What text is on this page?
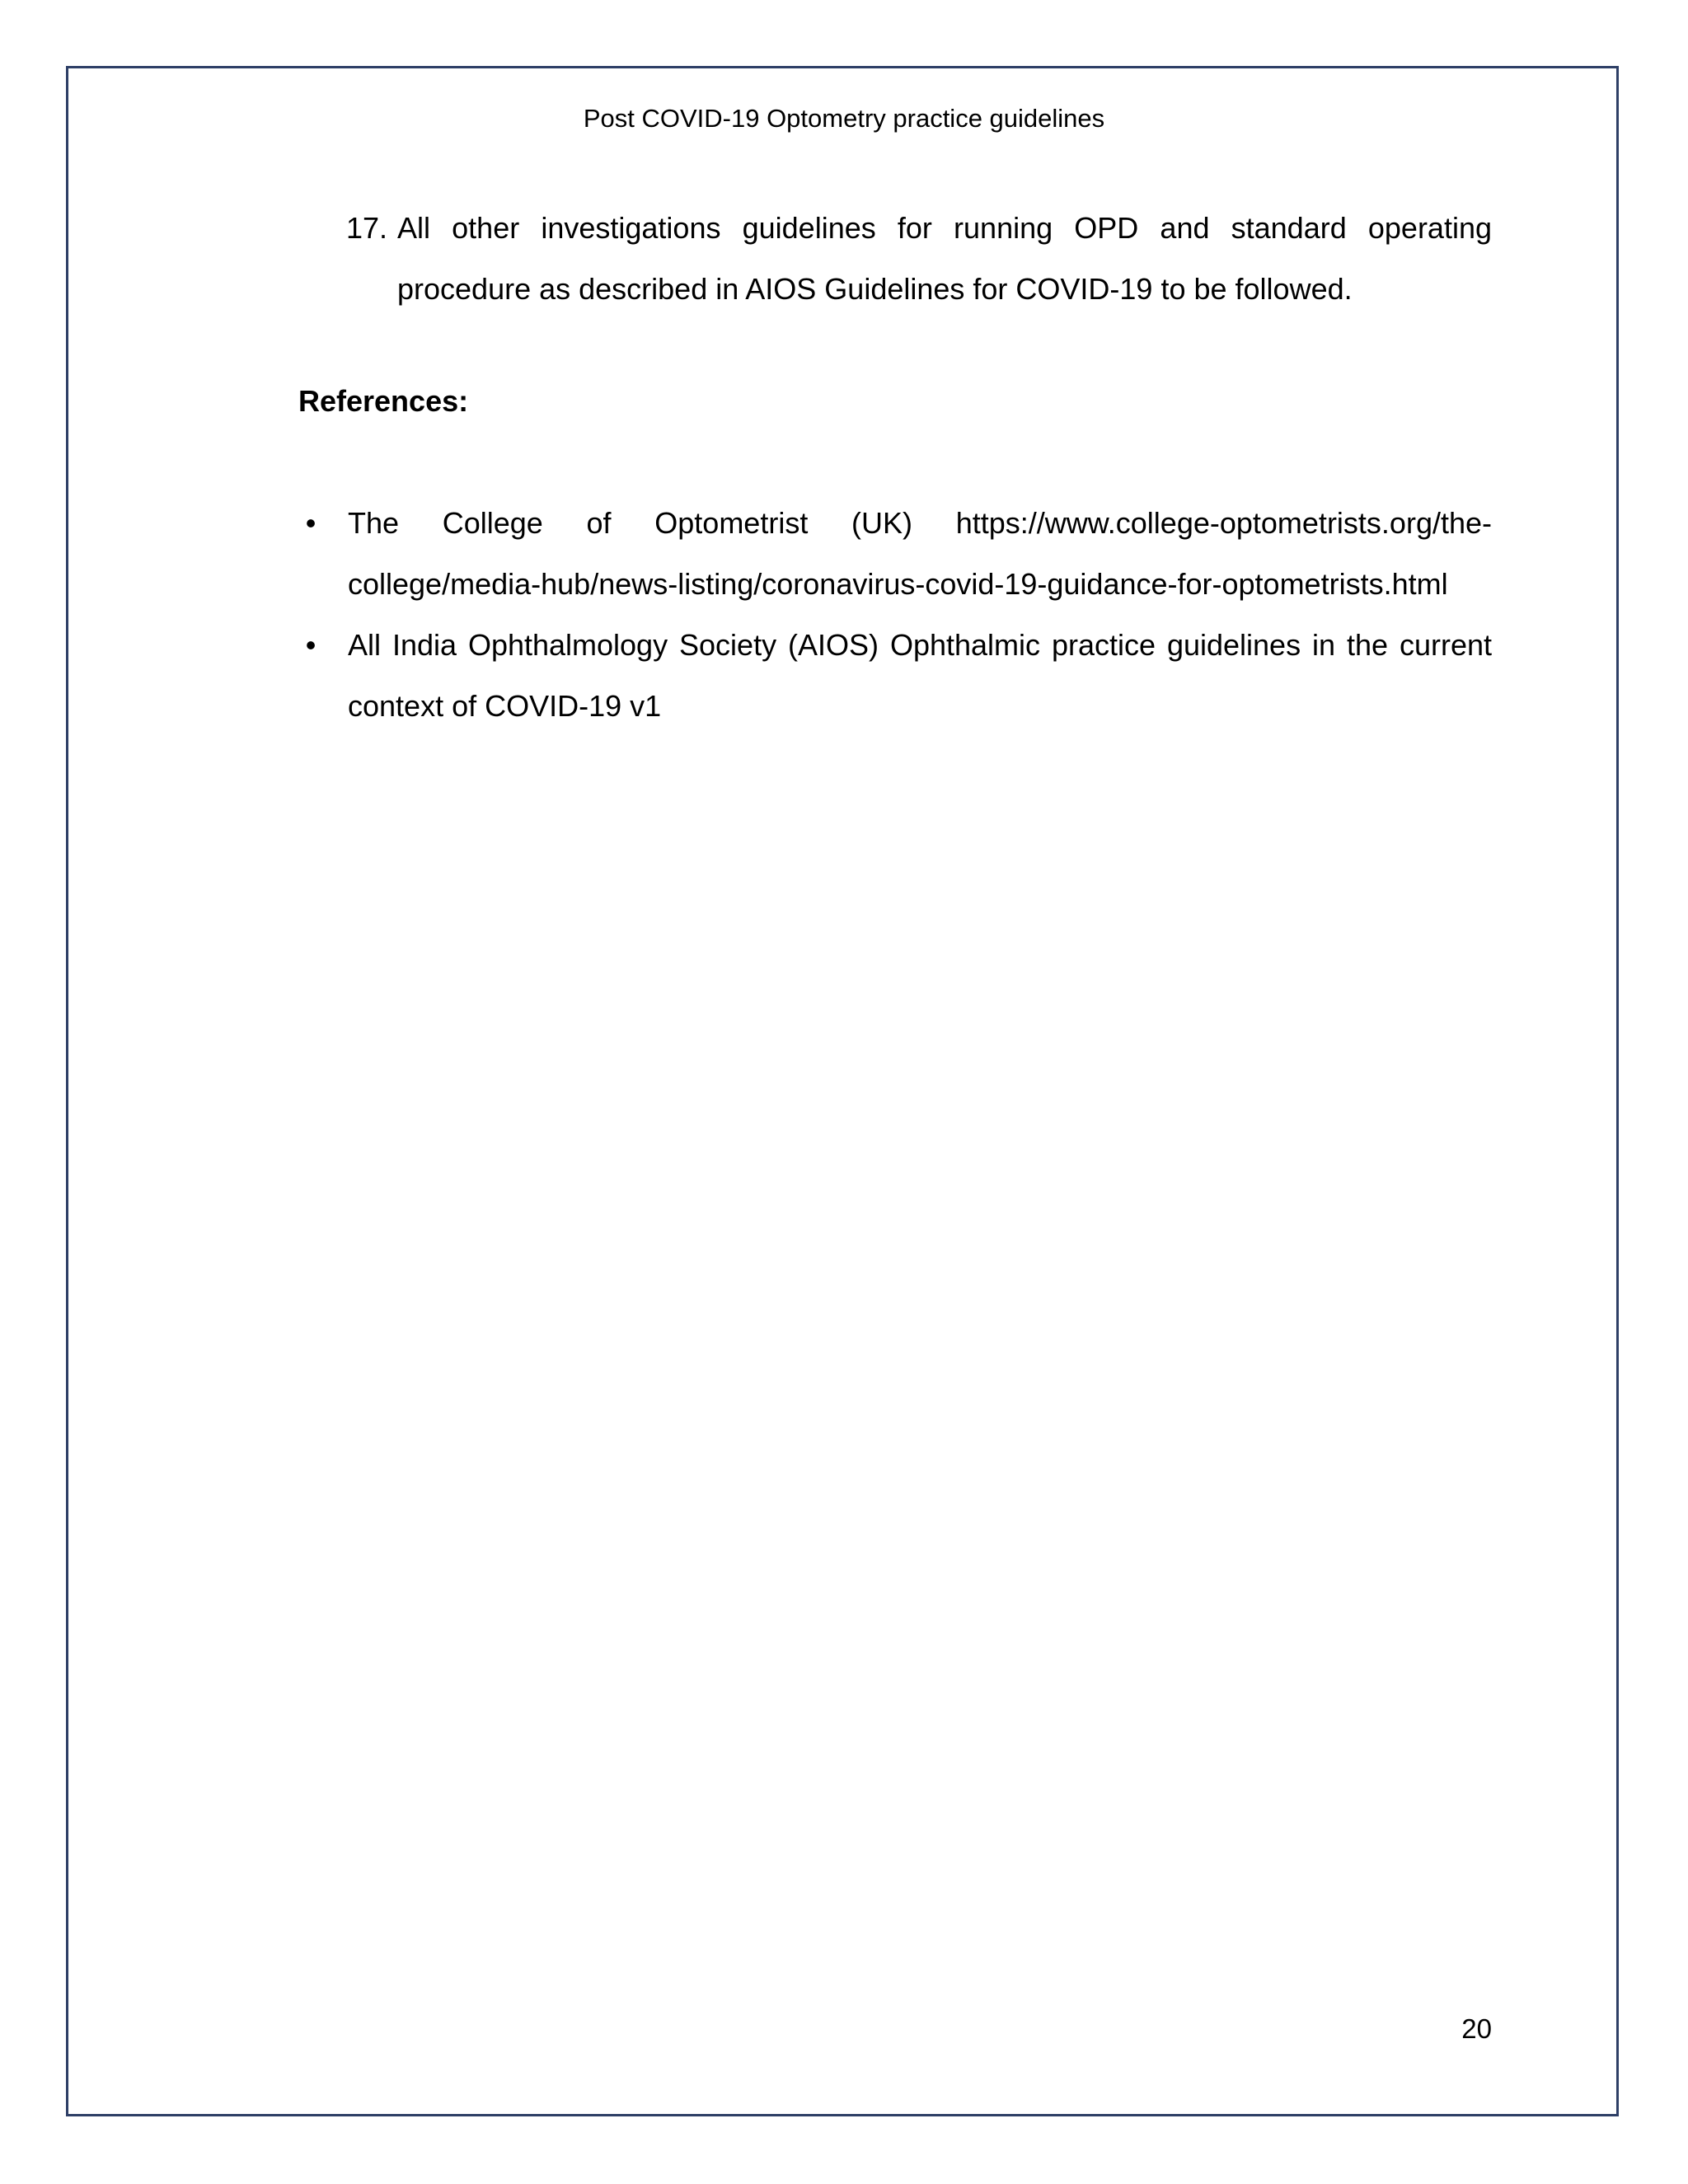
Post COVID-19 Optometry practice guidelines
17. All other investigations guidelines for running OPD and standard operating procedure as described in AIOS Guidelines for COVID-19 to be followed.
References:
• The College of Optometrist (UK) https://www.college-optometrists.org/the-college/media-hub/news-listing/coronavirus-covid-19-guidance-for-optometrists.html
• All India Ophthalmology Society (AIOS) Ophthalmic practice guidelines in the current context of COVID-19 v1
20
